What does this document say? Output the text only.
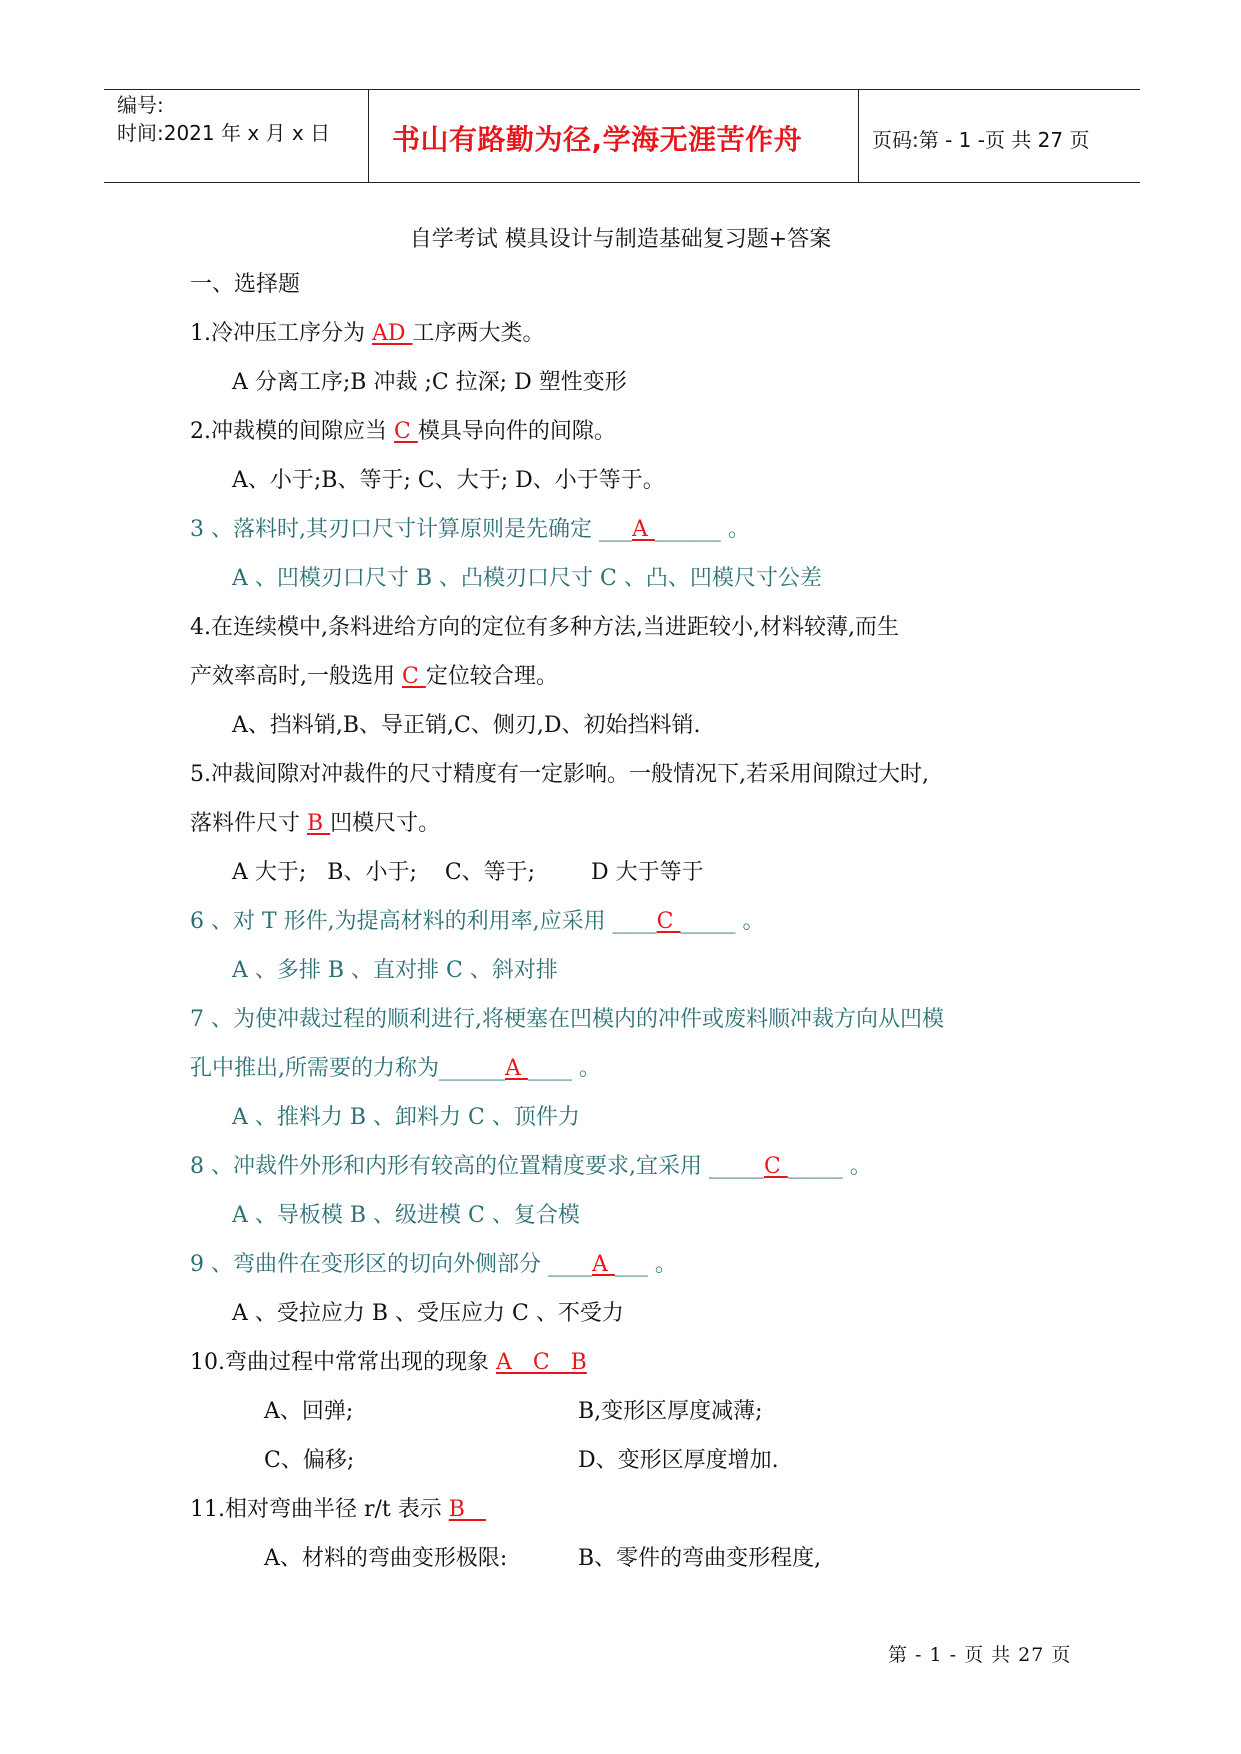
编号:
时间:2021 年 x 月 x 日 书山有路勤为径,学海无涯苦作舟	页码:第 - 1 -页 共 27 页
自学考试 模具设计与制造基础复习题+答案
一、选择题
1.冷冲压工序分为 AD 工序两大类。
A 分离工序;B 冲裁 ;C 拉深; D 塑性变形
2.冲裁模的间隙应当 C 模具导向件的间隙。
A、小于;B、等于; C、大于; D、小于等于。
3 、落料时,其刃口尺寸计算原则是先确定 ___A ______ 。
A 、凹模刃口尺寸 B 、凸模刃口尺寸 C 、凸、凹模尺寸公差
4.在连续模中,条料进给方向的定位有多种方法,当进距较小,材料较薄,而生
产效率高时,一般选用 C 定位较合理。
A、挡料销,B、导正销,C、侧刃,D、初始挡料销.
5.冲裁间隙对冲裁件的尺寸精度有一定影响。一般情况下,若采用间隙过大时,
落料件尺寸 B 凹模尺寸。
A 大于;   B、小于;    C、等于;        D 大于等于
6 、对 T 形件,为提高材料的利用率,应采用 ____C _____ 。
A 、多排 B 、直对排 C 、斜对排
7 、为使冲裁过程的顺利进行,将梗塞在凹模内的冲件或废料顺冲裁方向从凹模
孔中推出,所需要的力称为______A ____ 。
A 、推料力 B 、卸料力 C 、顶件力
8 、冲裁件外形和内形有较高的位置精度要求,宜采用 _____C _____ 。
A 、导板模 B 、级进模 C 、复合模
9 、弯曲件在变形区的切向外侧部分 ____A ___ 。
A 、受拉应力 B 、受压应力 C 、不受力
10.弯曲过程中常常出现的现象 A   C   B
A、回弹;	B,变形区厚度减薄;
C、偏移;	D、变形区厚度增加.
11.相对弯曲半径 r/t 表示 B
A、材料的弯曲变形极限:	B、零件的弯曲变形程度,
第 - 1 - 页 共 27 页
